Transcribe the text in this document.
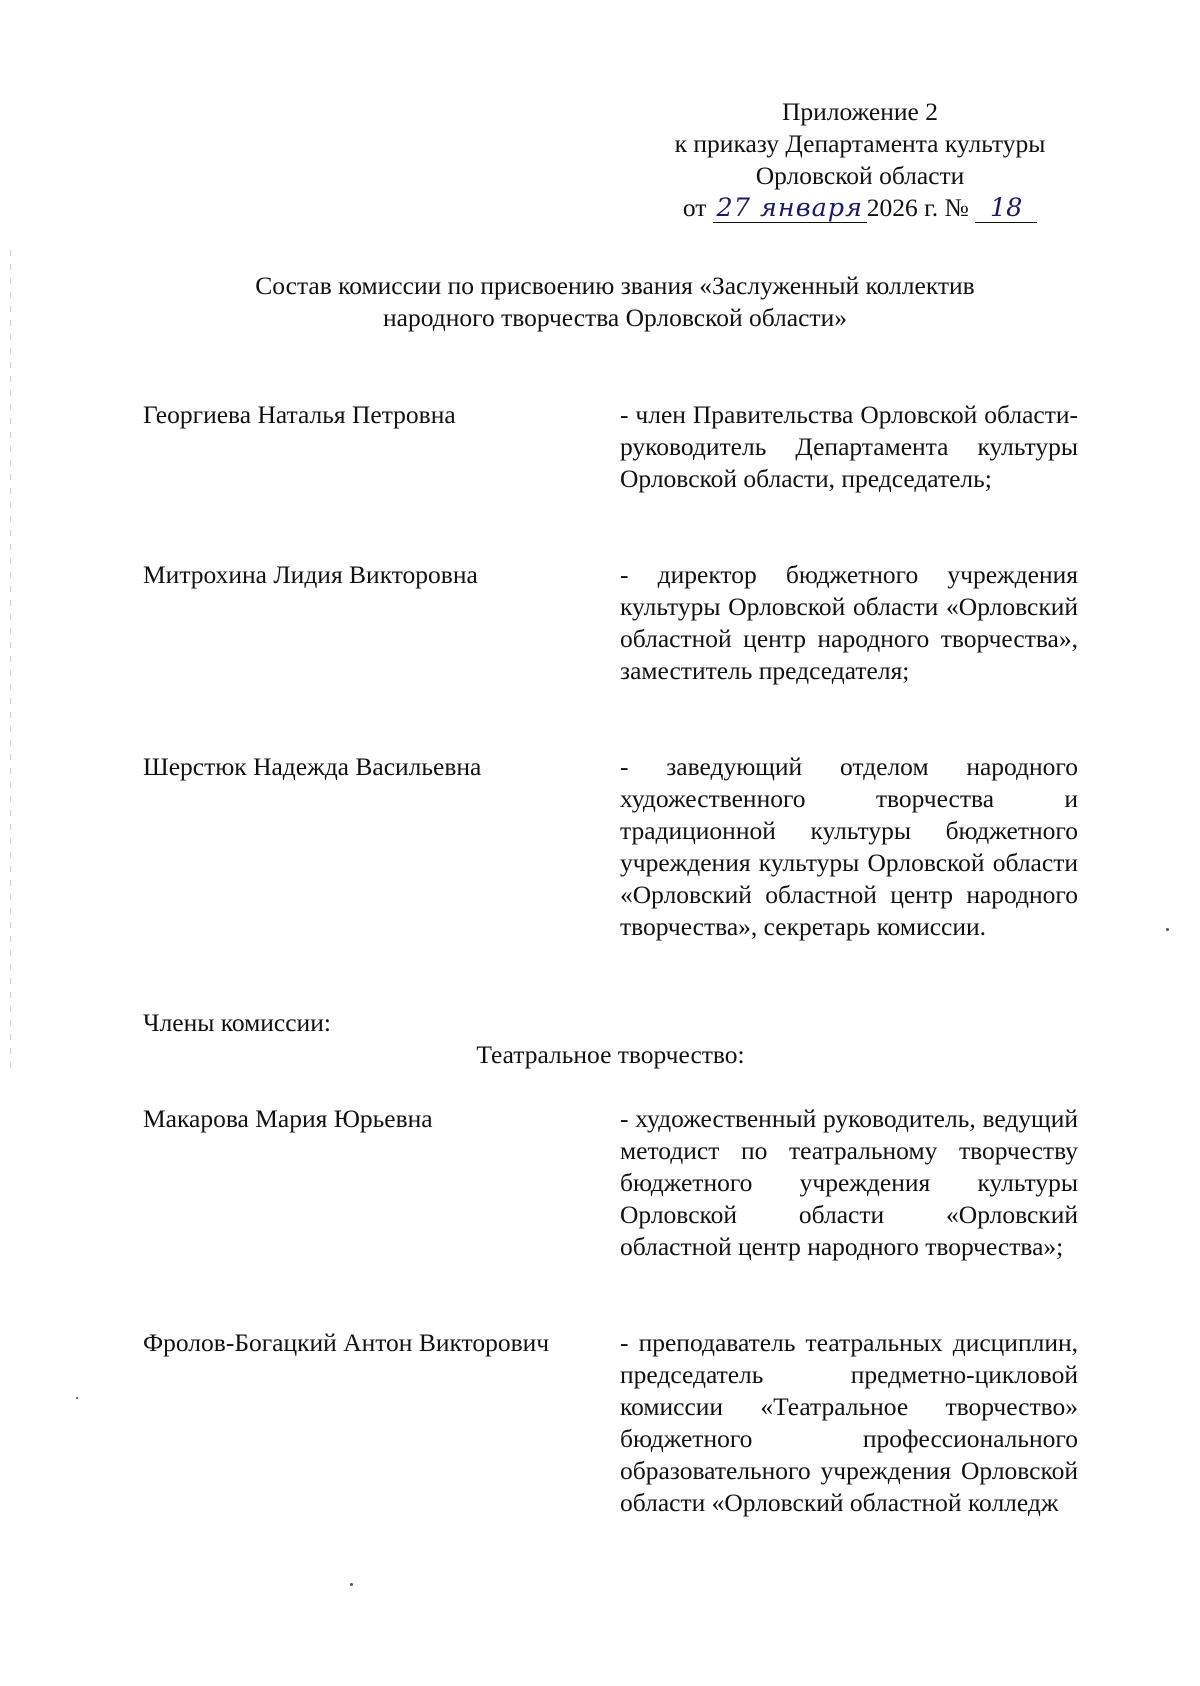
Приложение 2
к приказу Департамента культуры
Орловской области
от 27 января 2026 г. № 18
Состав комиссии по присвоению звания «Заслуженный коллектив
народного творчества Орловской области»
Георгиева Наталья Петровна	- член Правительства Орловской области-руководитель Департамента культуры Орловской области, председатель;
Митрохина Лидия Викторовна	- директор бюджетного учреждения культуры Орловской области «Орловский областной центр народного творчества», заместитель председателя;
Шерстюк Надежда Васильевна	- заведующий отделом народного художественного творчества и традиционной культуры бюджетного учреждения культуры Орловской области «Орловский областной центр народного творчества», секретарь комиссии.
Члены комиссии:
Театральное творчество:
Макарова Мария Юрьевна	- художественный руководитель, ведущий методист по театральному творчеству бюджетного учреждения культуры Орловской области «Орловский областной центр народного творчества»;
Фролов-Богацкий Антон Викторович	- преподаватель театральных дисциплин, председатель предметно-цикловой комиссии «Театральное творчество» бюджетного профессионального образовательного учреждения Орловской области «Орловский областной колледж
